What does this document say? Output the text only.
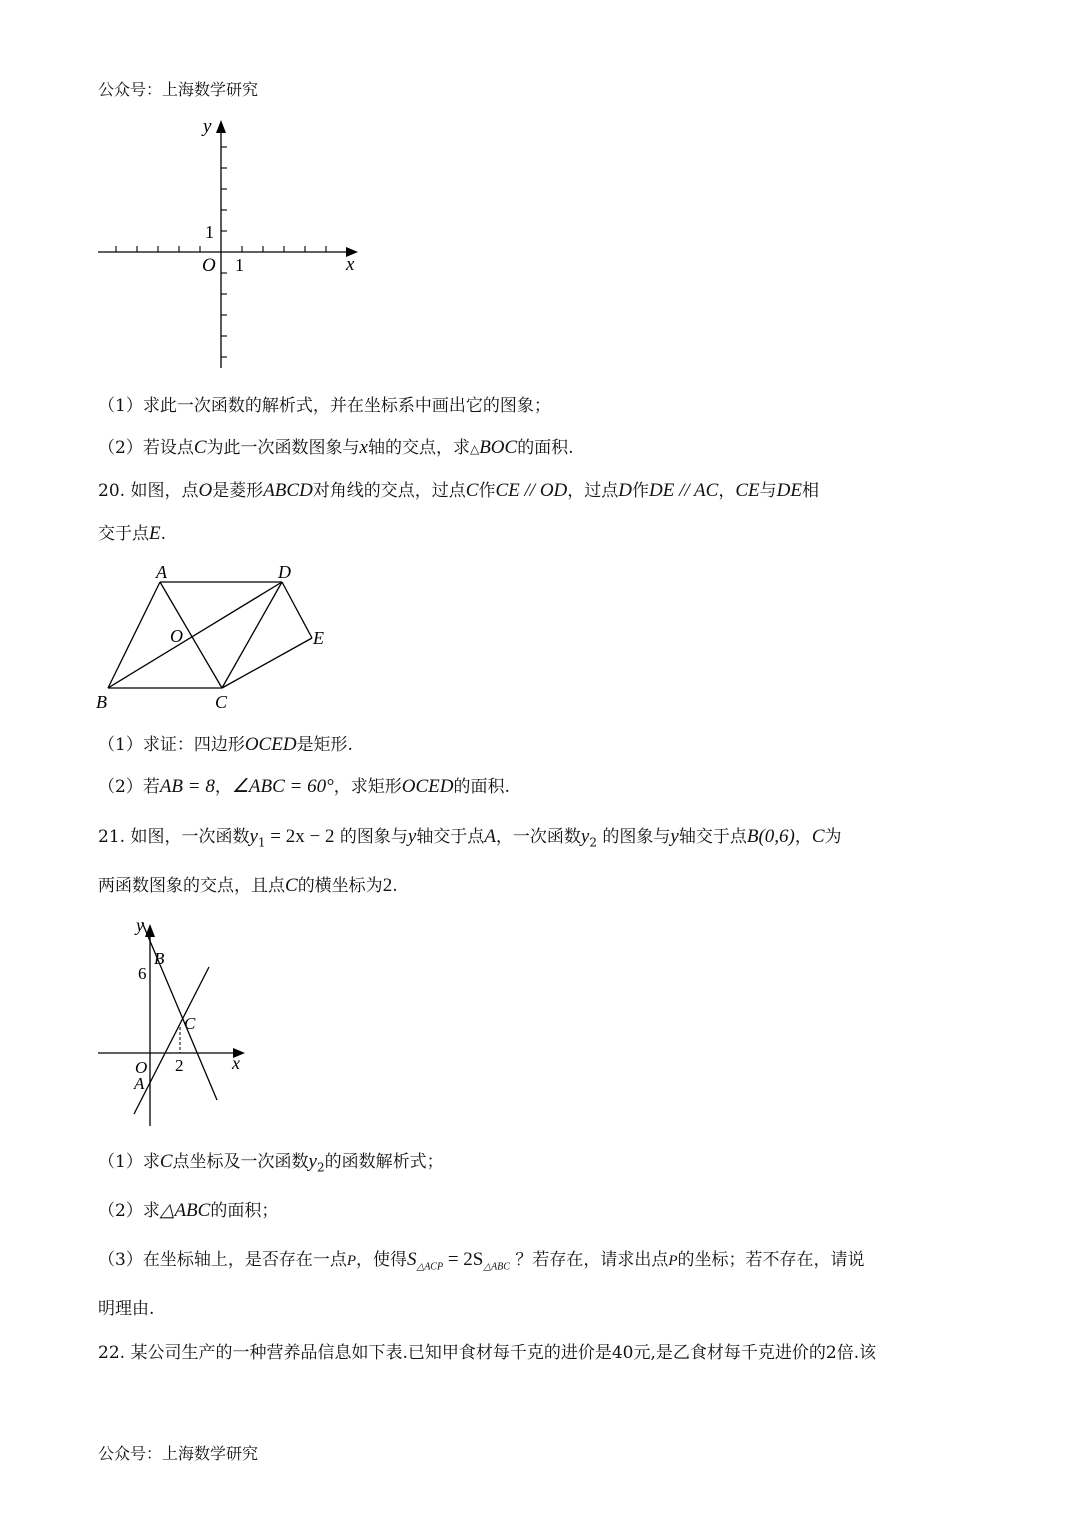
公众号：上海数学研究
y
x
O 1
1
（1）求此一次函数的解析式，并在坐标系中画出它的图象；
（2）若设点C为此一次函数图象与x轴的交点，求△BOC的面积.
20. 如图，点O是菱形ABCD对角线的交点，过点C作CE // OD，过点D作DE // AC，CE与DE相
交于点E.
A	D
O	E
B	C
（1）求证：四边形OCED是矩形.
（2）若AB = 8，∠ABC = 60°，求矩形OCED的面积.
21. 如图，一次函数$y_1 = 2x - 2$ 的图象与y轴交于点A，一次函数$y_2$ 的图象与y轴交于点B(0,6)，C为
两函数图象的交点，且点C的横坐标为2.
y
B
6
C
x
O 2
A
（1）求C点坐标及一次函数$y_2$的函数解析式；
（2）求△ABC的面积；
（3）在坐标轴上，是否存在一点P，使得$S_{\triangle ACP} = 2S_{\triangle ABC}$ ？若存在，请求出点P的坐标；若不存在，请说
明理由.
22. 某公司生产的一种营养品信息如下表.已知甲食材每千克的进价是40元,是乙食材每千克进价的2倍.该
公众号：上海数学研究
